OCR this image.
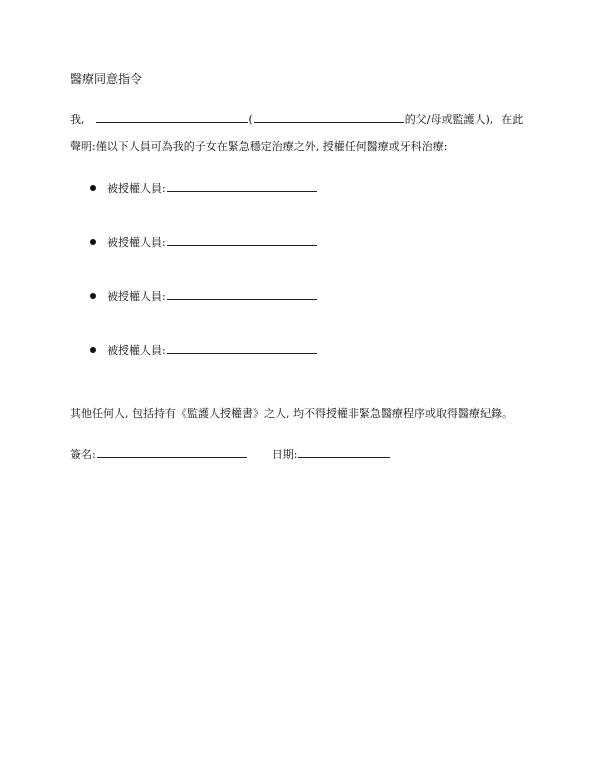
醫療同意指令
我,	(	的父/母或監護人), 在此
聲明:僅以下人員可為我的子女在緊急穩定治療之外, 授權任何醫療或牙科治療:
被授權人員:
被授權人員:
被授權人員:
被授權人員:
其他任何人, 包括持有《監護人授權書》之人, 均不得授權非緊急醫療程序或取得醫療紀錄。
簽名:	日期:
